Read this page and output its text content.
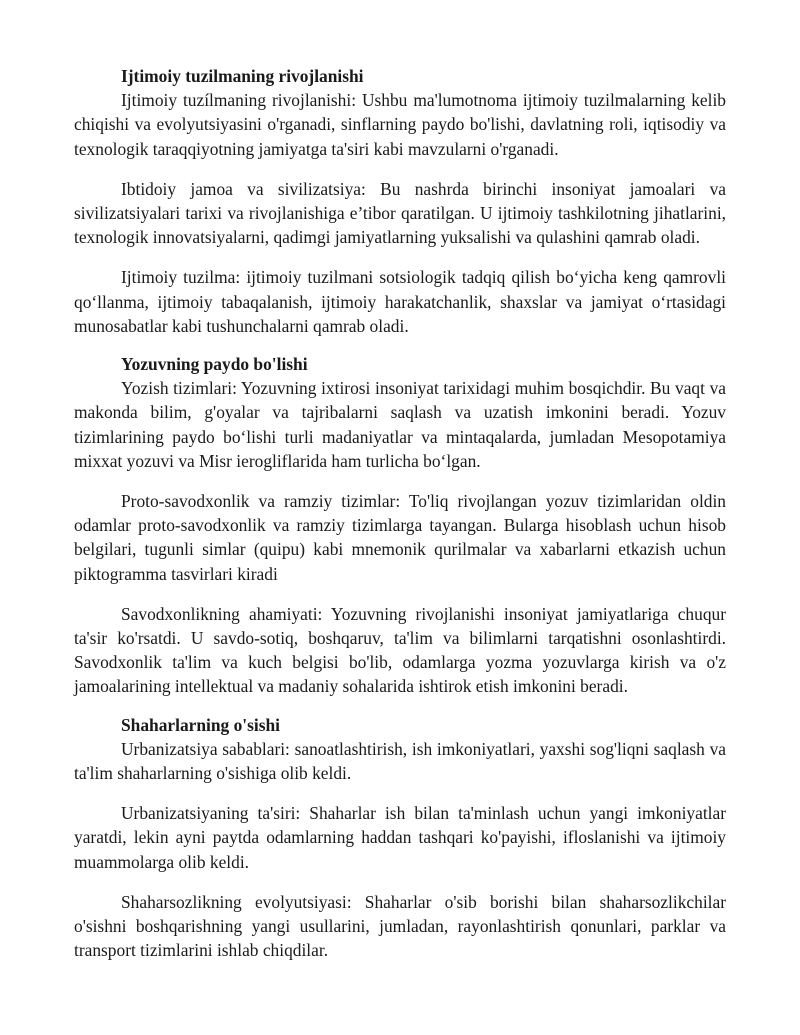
Ijtimoiy tuzilmaning rivojlanishi

Ijtimoiy tuzílmaning rivojlanishi: Ushbu ma'lumotnoma ijtimoiy tuzilmalarning kelib chiqishi va evolyutsiyasini o'rganadi, sinflarning paydo bo'lishi, davlatning roli, iqtisodiy va texnologik taraqqiyotning jamiyatga ta'siri kabi mavzularni o'rganadi.

Ibtidoiy jamoa va sivilizatsiya: Bu nashrda birinchi insoniyat jamoalari va sivilizatsiyalari tarixi va rivojlanishiga e’tibor qaratilgan. U ijtimoiy tashkilotning jihatlarini, texnologik innovatsiyalarni, qadimgi jamiyatlarning yuksalishi va qulashini qamrab oladi.

Ijtimoiy tuzilma: ijtimoiy tuzilmani sotsiologik tadqiq qilish bo‘yicha keng qamrovli qo‘llanma, ijtimoiy tabaqalanish, ijtimoiy harakatchanlik, shaxslar va jamiyat o‘rtasidagi munosabatlar kabi tushunchalarni qamrab oladi.

Yozuvning paydo bo'lishi

Yozish tizimlari: Yozuvning ixtirosi insoniyat tarixidagi muhim bosqichdir. Bu vaqt va makonda bilim, g'oyalar va tajribalarni saqlash va uzatish imkonini beradi. Yozuv tizimlarining paydo bo‘lishi turli madaniyatlar va mintaqalarda, jumladan Mesopotamiya mixxat yozuvi va Misr ierogliflarida ham turlicha bo‘lgan.

Proto-savodxonlik va ramziy tizimlar: To'liq rivojlangan yozuv tizimlaridan oldin odamlar proto-savodxonlik va ramziy tizimlarga tayangan. Bularga hisoblash uchun hisob belgilari, tugunli simlar (quipu) kabi mnemonik qurilmalar va xabarlarni etkazish uchun piktogramma tasvirlari kiradi

Savodxonlikning ahamiyati: Yozuvning rivojlanishi insoniyat jamiyatlariga chuqur ta'sir ko'rsatdi. U savdo-sotiq, boshqaruv, ta'lim va bilimlarni tarqatishni osonlashtirdi. Savodxonlik ta'lim va kuch belgisi bo'lib, odamlarga yozma yozuvlarga kirish va o'z jamoalarining intellektual va madaniy sohalarida ishtirok etish imkonini beradi.

Shaharlarning o'sishi

Urbanizatsiya sabablari: sanoatlashtirish, ish imkoniyatlari, yaxshi sog'liqni saqlash va ta'lim shaharlarning o'sishiga olib keldi.

Urbanizatsiyaning ta'siri: Shaharlar ish bilan ta'minlash uchun yangi imkoniyatlar yaratdi, lekin ayni paytda odamlarning haddan tashqari ko'payishi, ifloslanishi va ijtimoiy muammolarga olib keldi.

Shaharsozlikning evolyutsiyasi: Shaharlar o'sib borishi bilan shaharsozlikchilar o'sishni boshqarishning yangi usullarini, jumladan, rayonlashtirish qonunlari, parklar va transport tizimlarini ishlab chiqdilar.
